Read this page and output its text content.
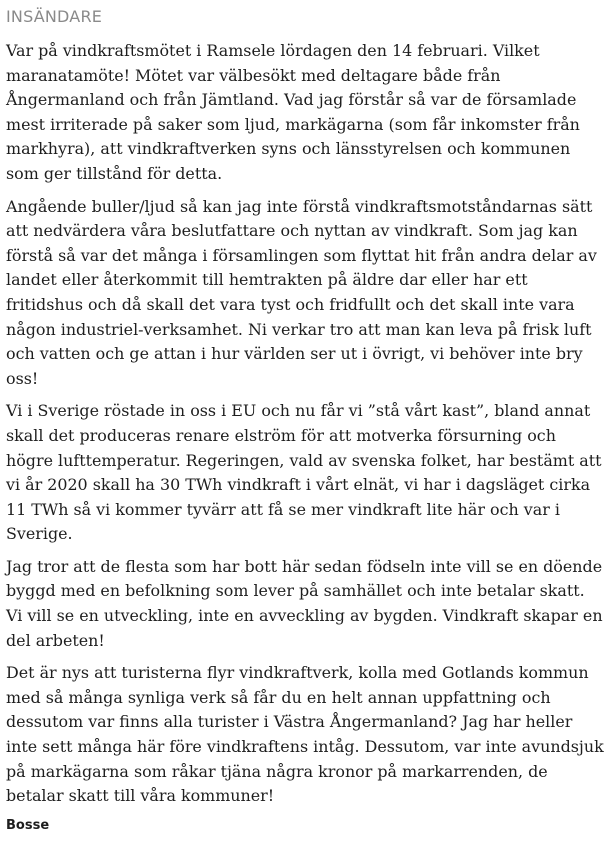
INSÄNDARE

Var på vindkraftsmötet i Ramsele lördagen den 14 februari. Vilket maranatamöte! Mötet var välbesökt med deltagare både från Ångermanland och från Jämtland. Vad jag förstår så var de församlade mest irriterade på saker som ljud, markägarna (som får inkomster från markhyra), att vindkraftverken syns och länsstyrelsen och kommunen som ger tillstånd för detta.

Angående buller/ljud så kan jag inte förstå vindkraftsmotståndarnas sätt att nedvärdera våra beslutfattare och nyttan av vindkraft. Som jag kan förstå så var det många i församlingen som flyttat hit från andra delar av landet eller återkommit till hemtrakten på äldre dar eller har ett fritidshus och då skall det vara tyst och fridfullt och det skall inte vara någon industriel-verksamhet. Ni verkar tro att man kan leva på frisk luft och vatten och ge attan i hur världen ser ut i övrigt, vi behöver inte bry oss!

Vi i Sverige röstade in oss i EU och nu får vi ”stå vårt kast”, bland annat skall det produceras renare elström för att motverka försurning och högre lufttemperatur. Regeringen, vald av svenska folket, har bestämt att vi år 2020 skall ha 30 TWh vindkraft i vårt elnät, vi har i dagsläget cirka 11 TWh så vi kommer tyvärr att få se mer vindkraft lite här och var i Sverige.

Jag tror att de flesta som har bott här sedan födseln inte vill se en döende byggd med en befolkning som lever på samhället och inte betalar skatt. Vi vill se en utveckling, inte en avveckling av bygden. Vindkraft skapar en del arbeten!

Det är nys att turisterna flyr vindkraftverk, kolla med Gotlands kommun med så många synliga verk så får du en helt annan uppfattning och dessutom var finns alla turister i Västra Ångermanland? Jag har heller inte sett många här före vindkraftens intåg. Dessutom, var inte avundsjuk på markägarna som råkar tjäna några kronor på markarrenden, de betalar skatt till våra kommuner!

Bosse
